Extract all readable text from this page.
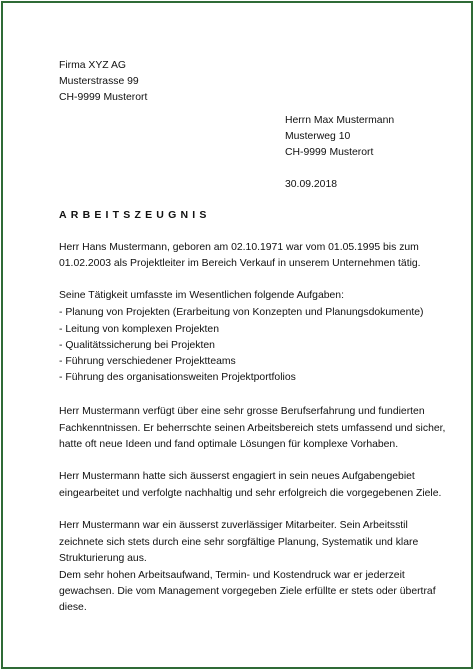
Firma XYZ AG
Musterstrasse 99
CH-9999 Musterort
Herrn Max Mustermann
Musterweg 10
CH-9999 Musterort
30.09.2018
ARBEITSZEUGNIS
Herr Hans Mustermann, geboren am 02.10.1971 war vom 01.05.1995 bis zum
01.02.2003 als Projektleiter im Bereich Verkauf in unserem Unternehmen tätig.
Seine Tätigkeit umfasste im Wesentlichen folgende Aufgaben:
- Planung von Projekten (Erarbeitung von Konzepten und Planungsdokumente)
- Leitung von komplexen Projekten
- Qualitätssicherung bei Projekten
- Führung verschiedener Projektteams
- Führung des organisationsweiten Projektportfolios
Herr Mustermann verfügt über eine sehr grosse Berufserfahrung und fundierten
Fachkenntnissen. Er beherrschte seinen Arbeitsbereich stets umfassend und sicher,
hatte oft neue Ideen und fand optimale Lösungen für komplexe Vorhaben.
Herr Mustermann hatte sich äusserst engagiert in sein neues Aufgabengebiet
eingearbeitet und verfolgte nachhaltig und sehr erfolgreich die vorgegebenen Ziele.
Herr Mustermann war ein äusserst zuverlässiger Mitarbeiter. Sein Arbeitsstil
zeichnete sich stets durch eine sehr sorgfältige Planung, Systematik und klare
Strukturierung aus.
Dem sehr hohen Arbeitsaufwand, Termin- und Kostendruck war er jederzeit
gewachsen. Die vom Management vorgegeben Ziele erfüllte er stets oder übertraf
diese.
